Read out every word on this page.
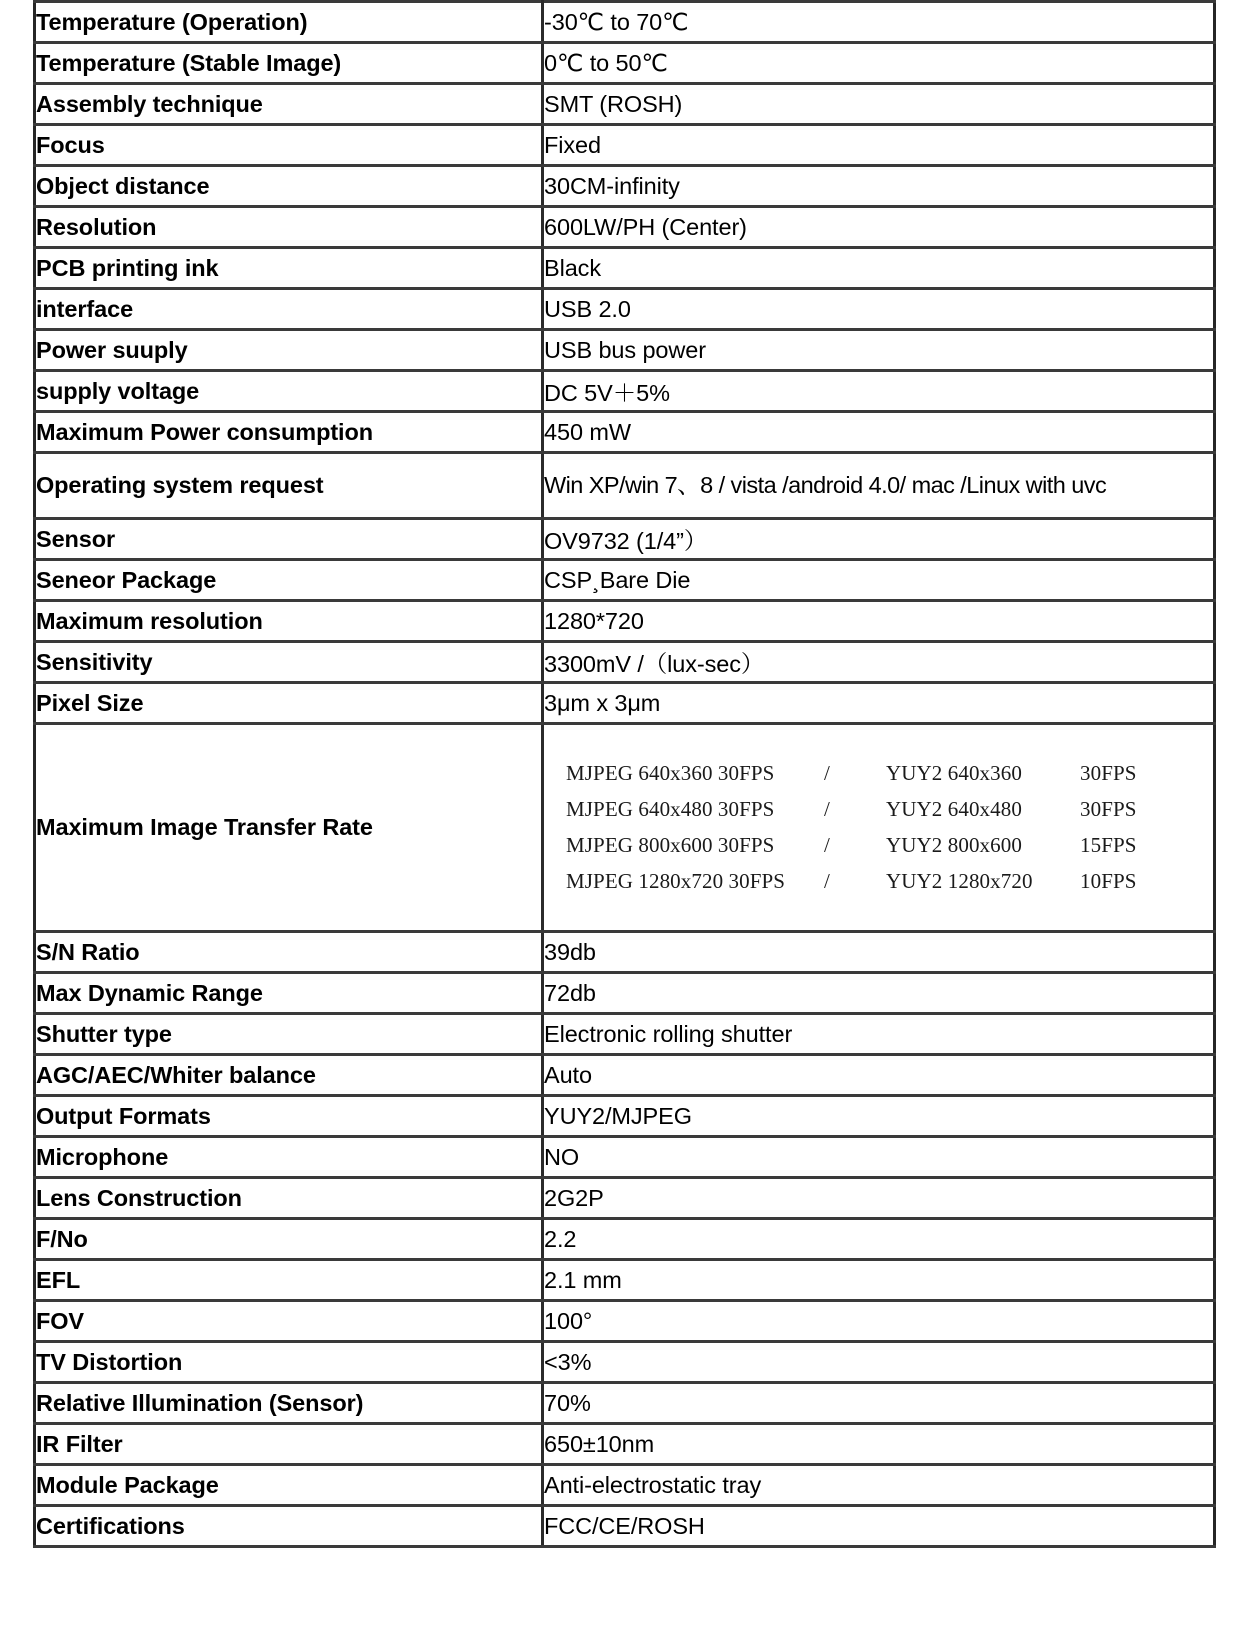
Temperature (Operation)	-30℃ to 70℃
Temperature (Stable Image)	0℃ to 50℃
Assembly technique	SMT (ROSH)
Focus	Fixed
Object distance	30CM-infinity
Resolution	600LW/PH (Center)
PCB printing ink	Black
interface	USB 2.0
Power suuply	USB bus power
supply voltage	DC 5V＋5%
Maximum Power consumption	450 mW
Operating system request	Win XP/win 7、8 / vista /android 4.0/ mac /Linux with uvc
Sensor	OV9732 (1/4”）
Seneor Package	CSP¸Bare Die
Maximum resolution	1280*720
Sensitivity	3300mV /（lux-sec）
Pixel Size	3μm x 3μm
Maximum Image Transfer Rate	
MJPEG 640x360 30FPS	/	YUY2 640x360	30FPS
MJPEG 640x480 30FPS	/	YUY2 640x480	30FPS
MJPEG 800x600 30FPS	/	YUY2 800x600	15FPS
MJPEG 1280x720 30FPS	/	YUY2 1280x720	10FPS

S/N Ratio	39db
Max Dynamic Range	72db
Shutter type	Electronic rolling shutter
AGC/AEC/Whiter balance	Auto
Output Formats	YUY2/MJPEG
Microphone	NO
Lens Construction	2G2P
F/No	2.2
EFL	2.1 mm
FOV	100°
TV Distortion	<3%
Relative Illumination (Sensor)	70%
IR Filter	650±10nm
Module Package	Anti-electrostatic tray
Certifications	FCC/CE/ROSH
